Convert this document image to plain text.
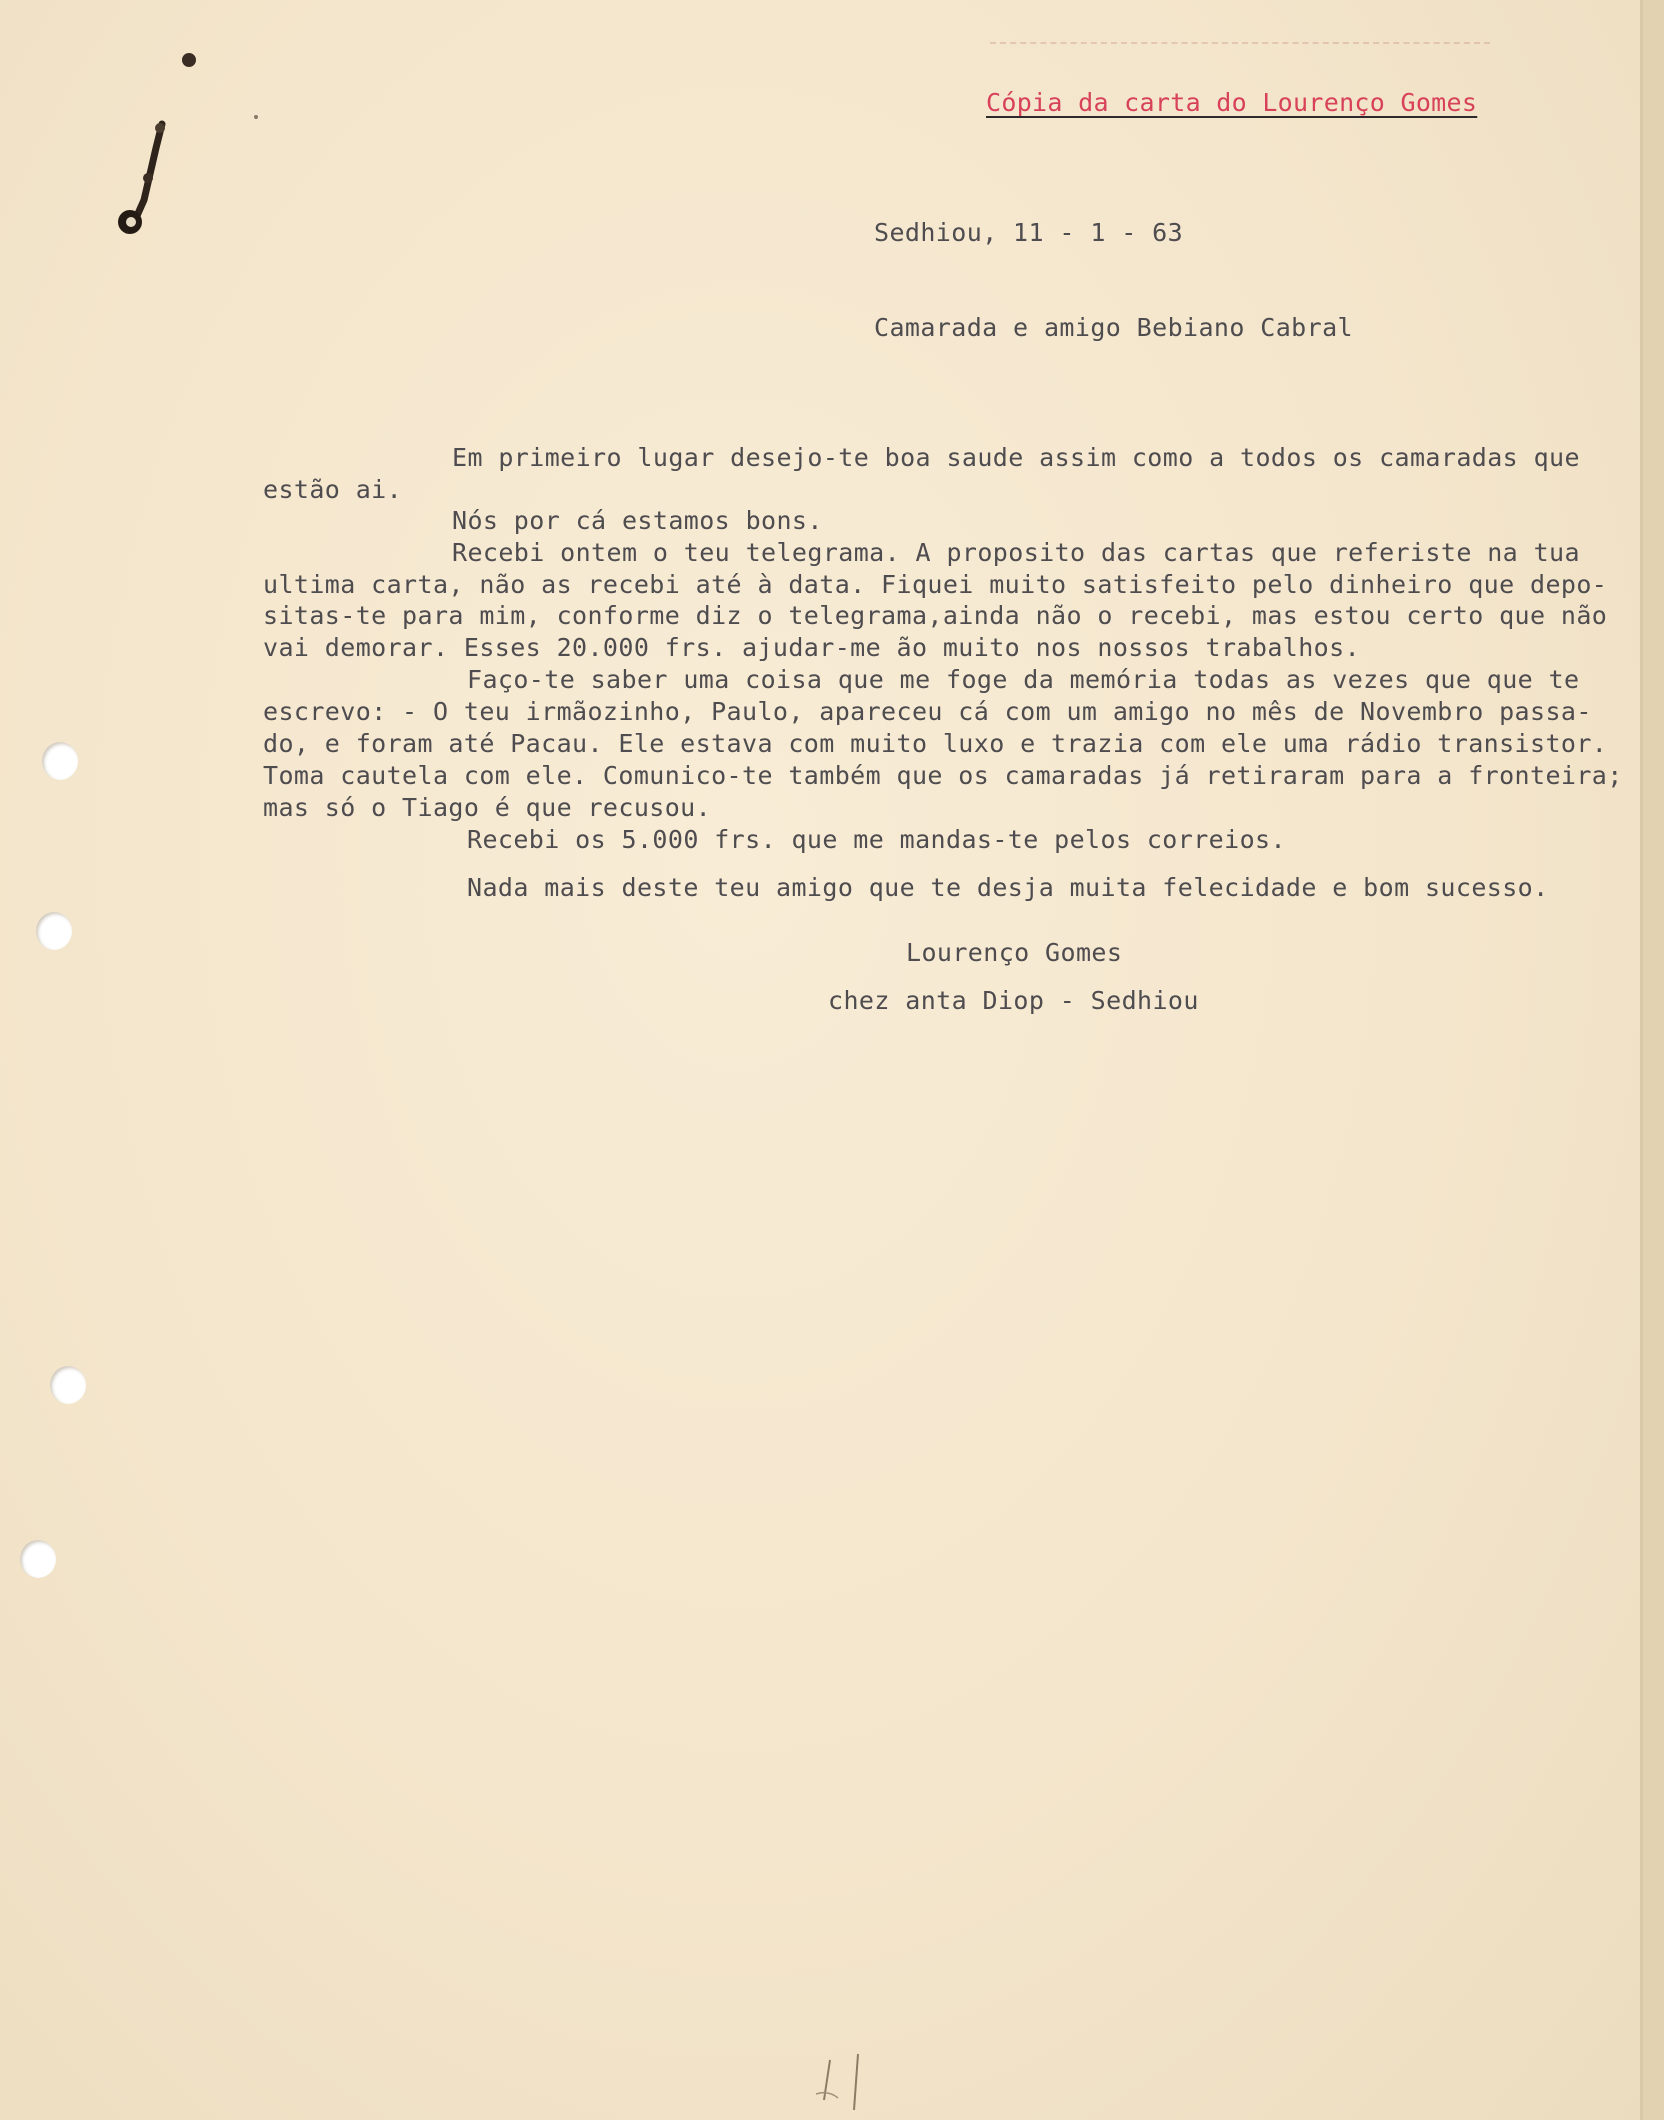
Cópia da carta do Lourenço Gomes

Sedhiou, 11 - 1 - 63

Camarada e amigo Bebiano Cabral

Em primeiro lugar desejo-te boa saude assim como a todos os camaradas que

estão ai.

Nós por cá estamos bons.

Recebi ontem o teu telegrama. A proposito das cartas que referiste na tua

ultima carta, não as recebi até à data. Fiquei muito satisfeito pelo dinheiro que depo-

sitas-te para mim, conforme diz o telegrama,ainda não o recebi, mas estou certo que não

vai demorar. Esses 20.000 frs. ajudar-me ão muito nos nossos trabalhos.

Faço-te saber uma coisa que me foge da memória todas as vezes que que te

escrevo: - O teu irmãozinho, Paulo, apareceu cá com um amigo no mês de Novembro passa-

do, e foram até Pacau. Ele estava com muito luxo e trazia com ele uma rádio transistor.

Toma cautela com ele. Comunico-te também que os camaradas já retiraram para a fronteira;

mas só o Tiago é que recusou.

Recebi os 5.000 frs. que me mandas-te pelos correios.

Nada mais deste teu amigo que te desja muita felecidade e bom sucesso.

Lourenço Gomes

chez anta Diop - Sedhiou
